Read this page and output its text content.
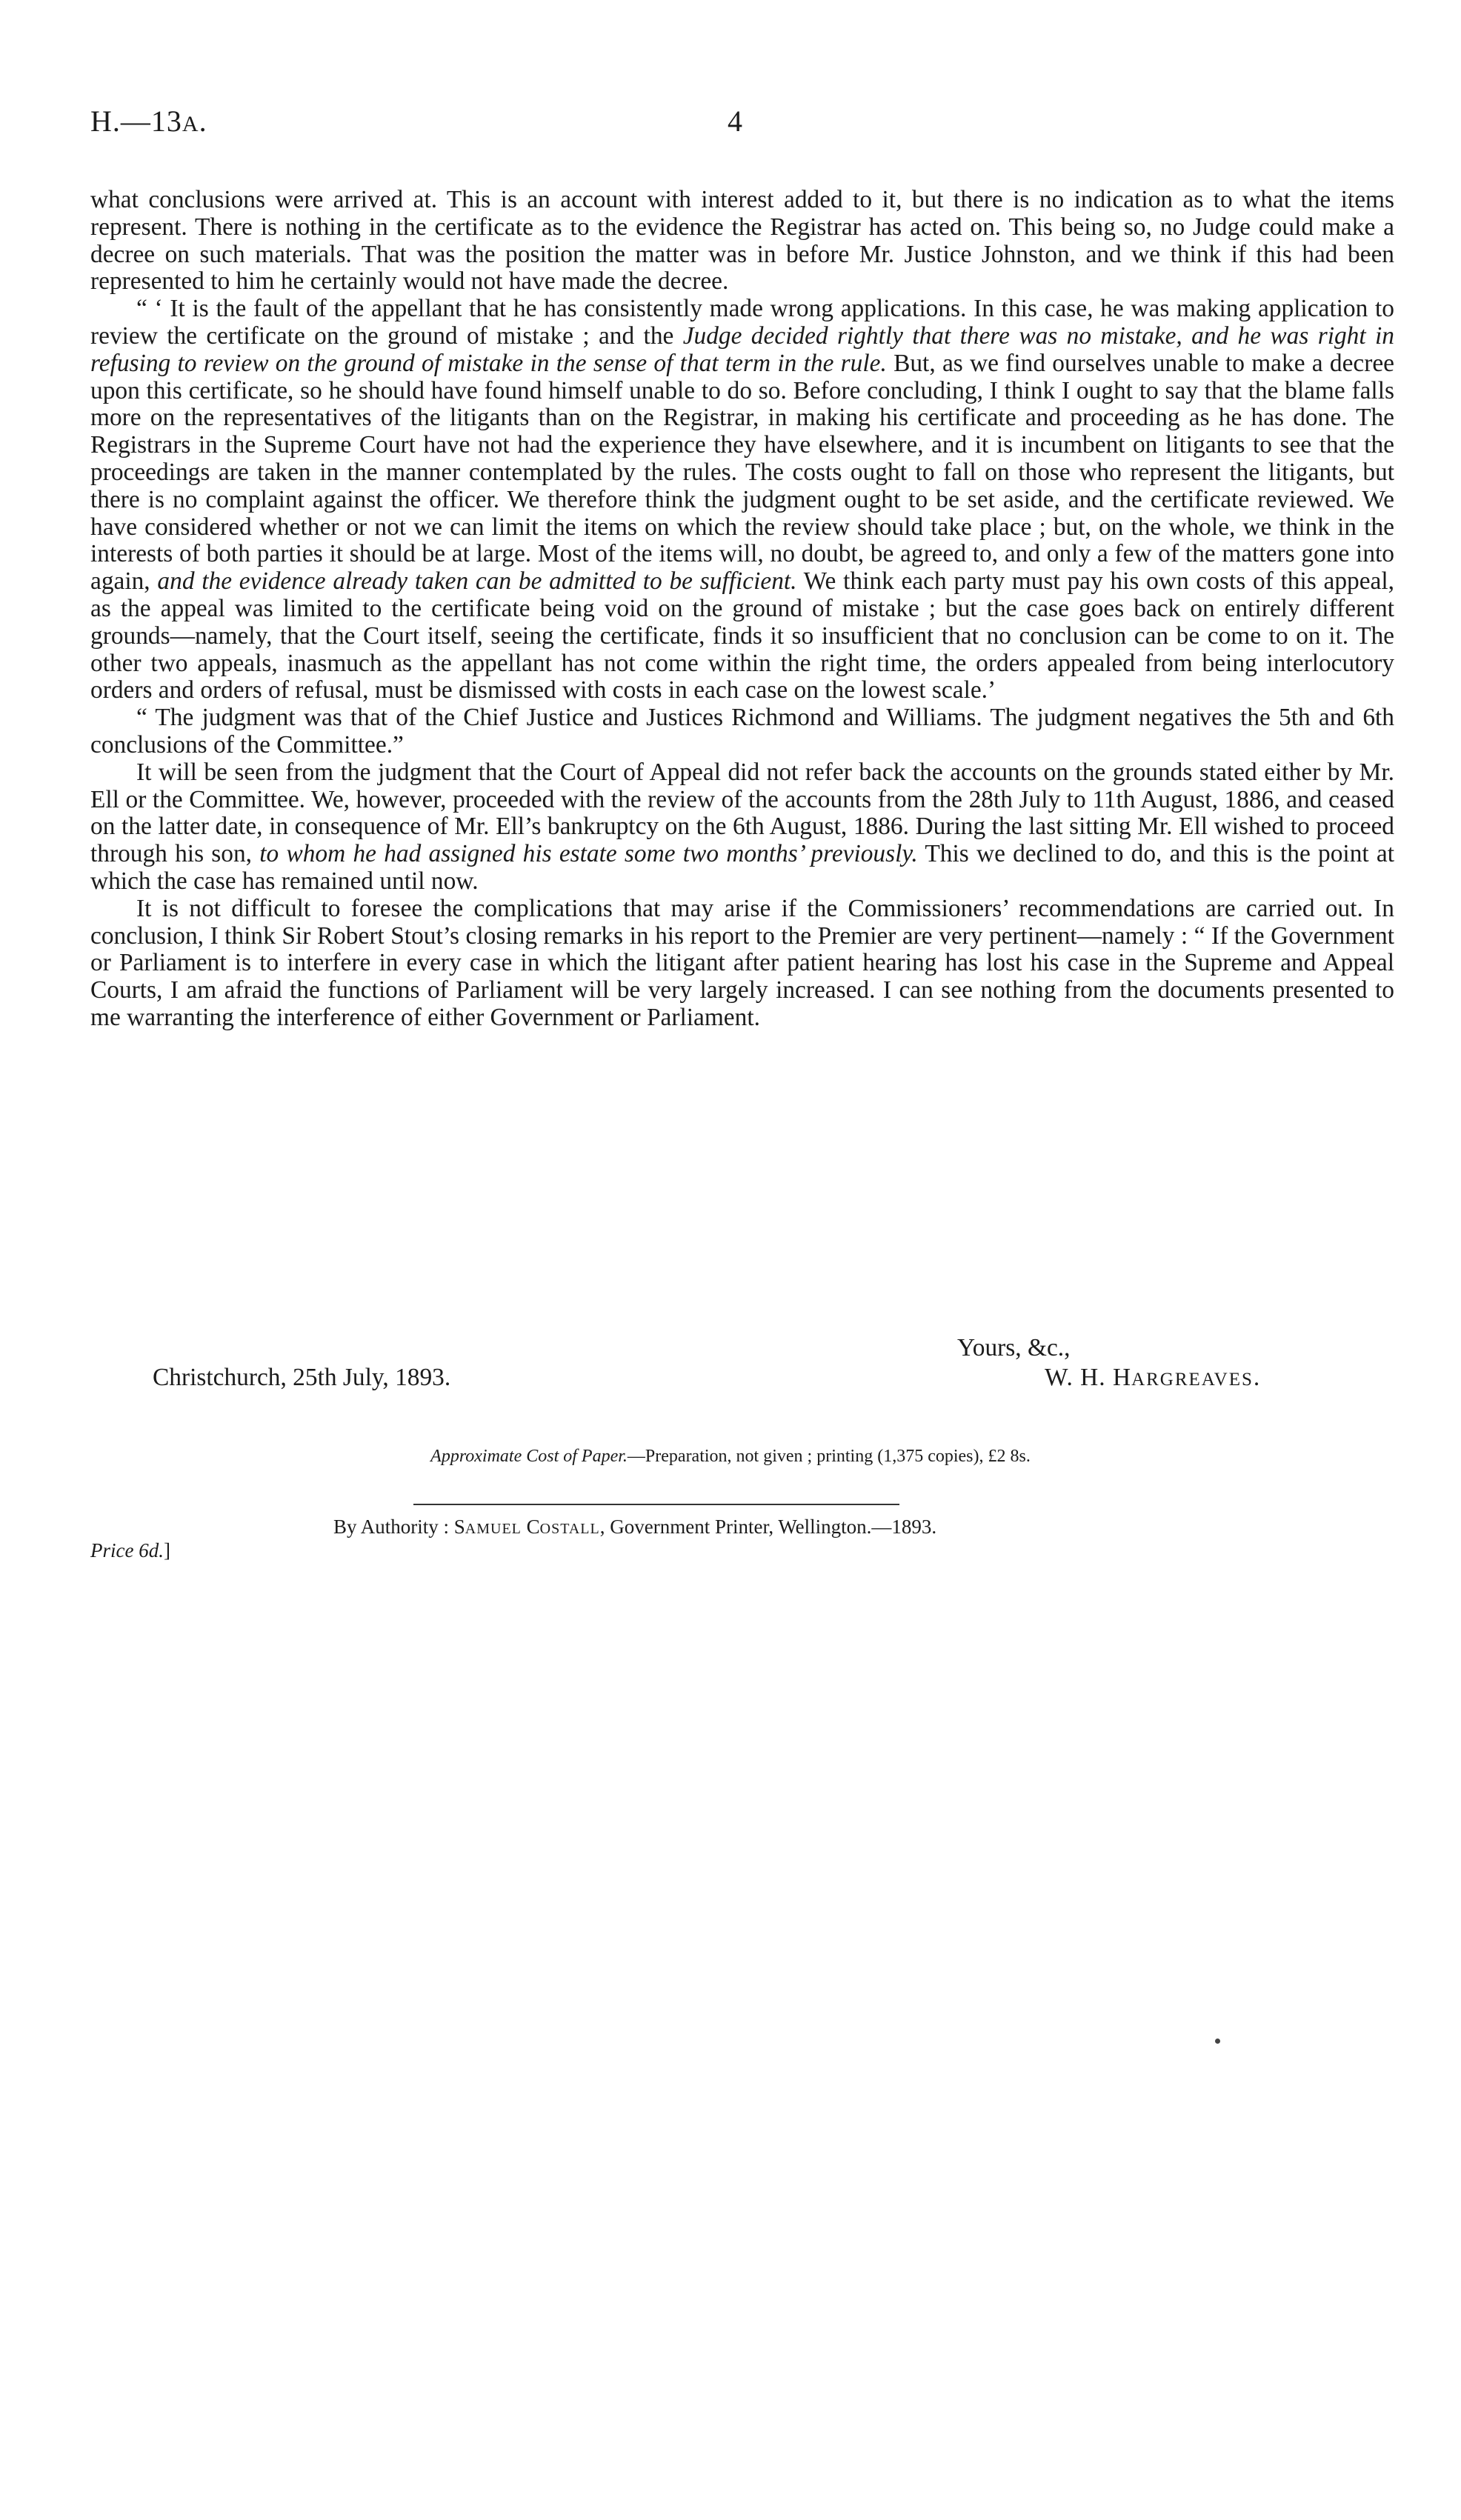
H.—13A.	4

what conclusions were arrived at. This is an account with interest added to it, but there is no indication as to what the items represent. There is nothing in the certificate as to the evidence the Registrar has acted on. This being so, no Judge could make a decree on such materials. That was the position the matter was in before Mr. Justice Johnston, and we think if this had been represented to him he certainly would not have made the decree.

“ ‘ It is the fault of the appellant that he has consistently made wrong applications. In this case, he was making application to review the certificate on the ground of mistake ; and the Judge decided rightly that there was no mistake, and he was right in refusing to review on the ground of mistake in the sense of that term in the rule. But, as we find ourselves unable to make a decree upon this certificate, so he should have found himself unable to do so. Before concluding, I think I ought to say that the blame falls more on the representatives of the litigants than on the Registrar, in making his certificate and proceeding as he has done. The Registrars in the Supreme Court have not had the experience they have elsewhere, and it is incumbent on litigants to see that the proceedings are taken in the manner contemplated by the rules. The costs ought to fall on those who represent the litigants, but there is no complaint against the officer. We therefore think the judgment ought to be set aside, and the certificate reviewed. We have considered whether or not we can limit the items on which the review should take place ; but, on the whole, we think in the interests of both parties it should be at large. Most of the items will, no doubt, be agreed to, and only a few of the matters gone into again, and the evidence already taken can be admitted to be sufficient. We think each party must pay his own costs of this appeal, as the appeal was limited to the certificate being void on the ground of mistake ; but the case goes back on entirely different grounds—namely, that the Court itself, seeing the certificate, finds it so insufficient that no conclusion can be come to on it. The other two appeals, inasmuch as the appellant has not come within the right time, the orders appealed from being interlocutory orders and orders of refusal, must be dismissed with costs in each case on the lowest scale.’

“ The judgment was that of the Chief Justice and Justices Richmond and Williams. The judgment negatives the 5th and 6th conclusions of the Committee.”

It will be seen from the judgment that the Court of Appeal did not refer back the accounts on the grounds stated either by Mr. Ell or the Committee. We, however, proceeded with the review of the accounts from the 28th July to 11th August, 1886, and ceased on the latter date, in consequence of Mr. Ell’s bankruptcy on the 6th August, 1886. During the last sitting Mr. Ell wished to proceed through his son, to whom he had assigned his estate some two months’ previously. This we declined to do, and this is the point at which the case has remained until now.

It is not difficult to foresee the complications that may arise if the Commissioners’ recommendations are carried out. In conclusion, I think Sir Robert Stout’s closing remarks in his report to the Premier are very pertinent—namely : “ If the Government or Parliament is to interfere in every case in which the litigant after patient hearing has lost his case in the Supreme and Appeal Courts, I am afraid the functions of Parliament will be very largely increased. I can see nothing from the documents presented to me warranting the interference of either Government or Parliament.

Yours, &c.,
Christchurch, 25th July, 1893.	W. H. HARGREAVES.
Approximate Cost of Paper.—Preparation, not given ; printing (1,375 copies), £2 8s.
By Authority : SAMUEL COSTALL, Government Printer, Wellington.—1893.
Price 6d.]
